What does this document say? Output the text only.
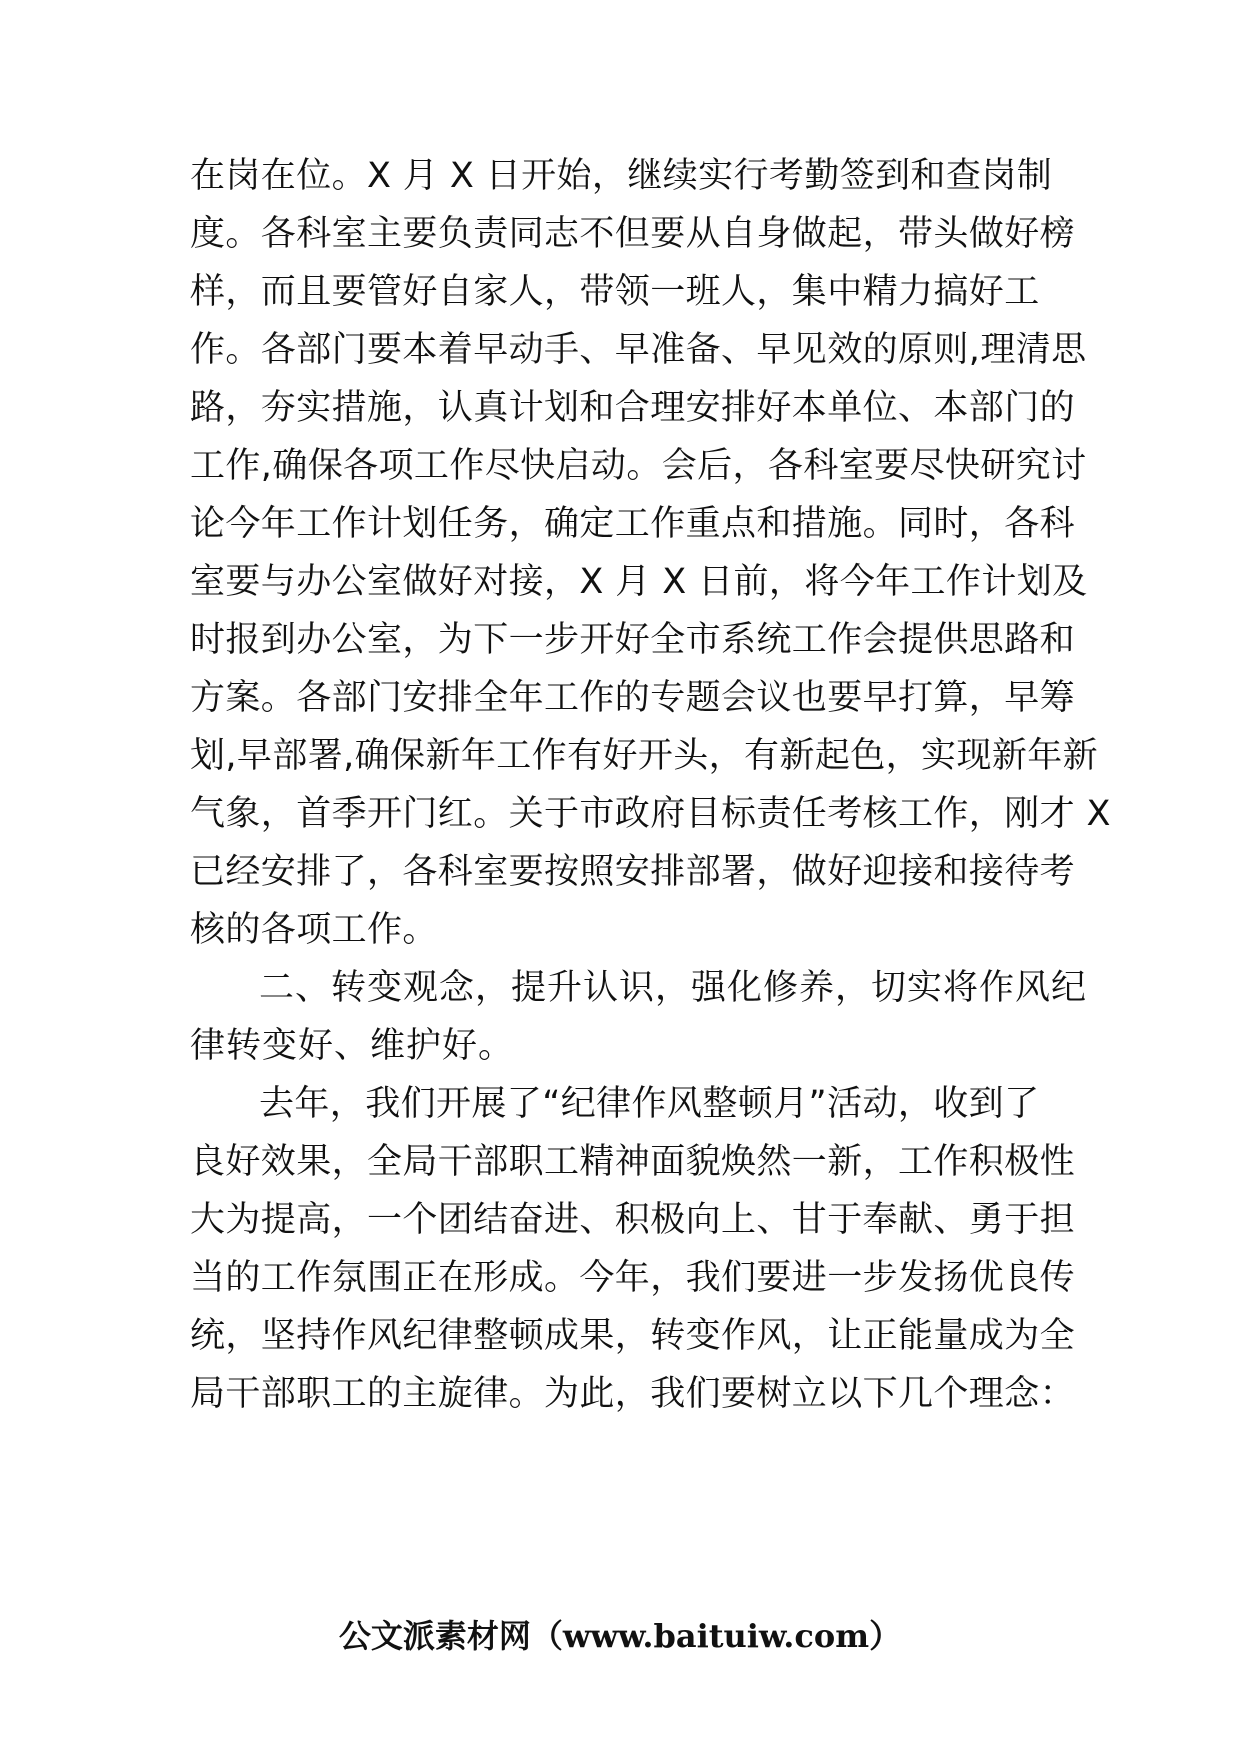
在岗在位。X 月 X 日开始，继续实行考勤签到和查岗制
度。各科室主要负责同志不但要从自身做起，带头做好榜
样，而且要管好自家人，带领一班人，集中精力搞好工
作。各部门要本着早动手、早准备、早见效的原则,理清思
路，夯实措施，认真计划和合理安排好本单位、本部门的
工作,确保各项工作尽快启动。会后，各科室要尽快研究讨
论今年工作计划任务，确定工作重点和措施。同时，各科
室要与办公室做好对接，X 月 X 日前，将今年工作计划及
时报到办公室，为下一步开好全市系统工作会提供思路和
方案。各部门安排全年工作的专题会议也要早打算，早筹
划,早部署,确保新年工作有好开头，有新起色，实现新年新
气象，首季开门红。关于市政府目标责任考核工作，刚才 X
已经安排了，各科室要按照安排部署，做好迎接和接待考
核的各项工作。
二、转变观念，提升认识，强化修养，切实将作风纪
律转变好、维护好。
去年，我们开展了“纪律作风整顿月”活动，收到了
良好效果，全局干部职工精神面貌焕然一新，工作积极性
大为提高，一个团结奋进、积极向上、甘于奉献、勇于担
当的工作氛围正在形成。今年，我们要进一步发扬优良传
统，坚持作风纪律整顿成果，转变作风，让正能量成为全
局干部职工的主旋律。为此，我们要树立以下几个理念：
公文派素材网（www.baituiw.com）
